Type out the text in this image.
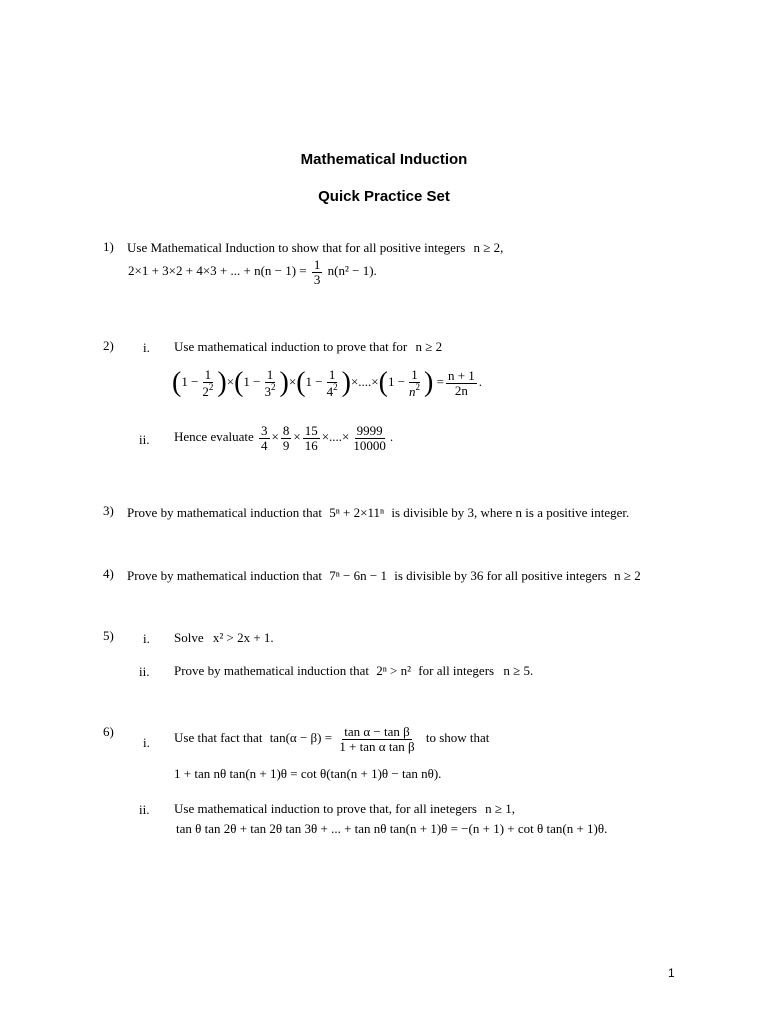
Mathematical Induction
Quick Practice Set
1) Use Mathematical Induction to show that for all positive integers n ≥ 2,
2×1 + 3×2 + 4×3 + ... + $n(n - 1) = \frac{1}{3} n(n^2 - 1)$.
2) i. Use mathematical induction to prove that for n ≥ 2
$(1 - \frac{1}{2^2} )\times(1 - \frac{1}{3^2} )\times(1 - \frac{1}{4^2} )\times....\times(1 - \frac{1}{n^2}$ ) = $\frac{n + 1}{2n}$ .
ii. Hence evaluate $\frac{3}{4} \times \frac{8}{9} \times \frac{15}{16}$ ×....× $\frac{9999}{10000}$ .
3) Prove by mathematical induction that 5ⁿ + 2×11ⁿ is divisible by 3, where n is a positive integer.
4) Prove by mathematical induction that 7ⁿ − 6n − 1 is divisible by 36 for all positive integers n ≥ 2
5) i. Solve x² > 2x + 1.
ii. Prove by mathematical induction that 2ⁿ > n² for all integers n ≥ 5.
6)
i. Use that fact that $\tan(\alpha - \beta) = \frac{\text{tan α − tan β}}{\text{1 + tan α tan β}}$ to show that
1 + tan nθ tan(n + 1)θ = cot θ(tan(n + 1)θ − tan nθ).
ii. Use mathematical induction to prove that, for all inetegers n ≥ 1,
tan θ tan 2θ + tan 2θ tan 3θ + ... + tan nθ tan(n + 1)θ = −(n + 1) + cot θ tan(n + 1)θ.
1
